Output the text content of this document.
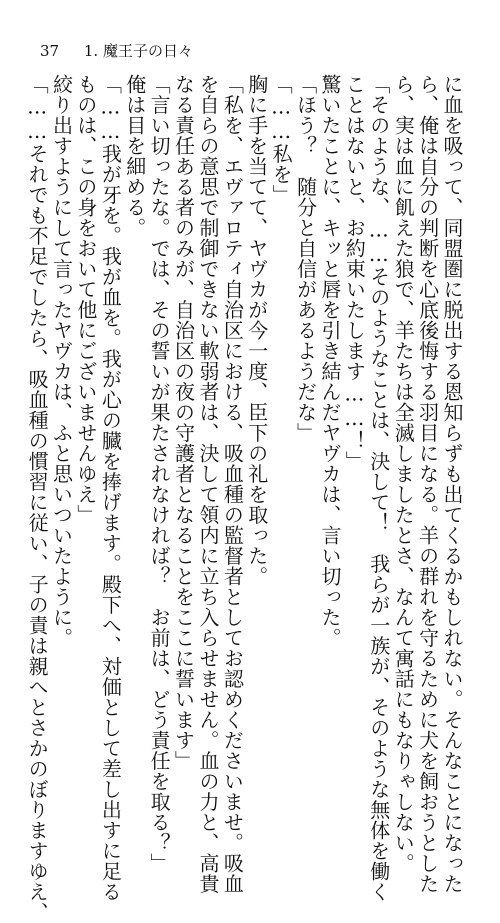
37 1. 魔王子の日々
に血を吸って、同盟圏に脱出する恩知らずも出てくるかもしれない。そんなことになった
ら、俺は自分の判断を心底後悔する羽目になる。羊の群れを守るために犬を飼おうとした
ら、実は血に飢えた狼で、羊たちは全滅しましたとさ、なんて寓話にもなりゃしない。
「そのような、……そのようなことは、決して！　我らが一族が、そのような無体を働く
ことはないと、お約束いたします……！」
驚いたことに、キッと唇を引き結んだヤヴカは、言い切った。
「ほう？　随分と自信があるようだな」
「……私を」
胸に手を当てて、ヤヴカが今一度、臣下の礼を取った。
「私を、エヴァロティ自治区における、吸血種の監督者としてお認めくださいませ。吸血
を自らの意思で制御できない軟弱者は、決して領内に立ち入らせません。血の力と、高貴
なる責任ある者のみが、自治区の夜の守護者となることをここに誓います」
「言い切ったな。では、その誓いが果たされなければ？　お前は、どう責任を取る？」
俺は目を細める。
「……我が牙を。我が血を。我が心の臓を捧げます。殿下へ、対価として差し出すに足る
ものは、この身をおいて他にございませんゆえ」
絞り出すようにして言ったヤヴカは、ふと思いついたように。
「……それでも不足でしたら、吸血種の慣習に従い、子の責は親へとさかのぼりますゆえ、
